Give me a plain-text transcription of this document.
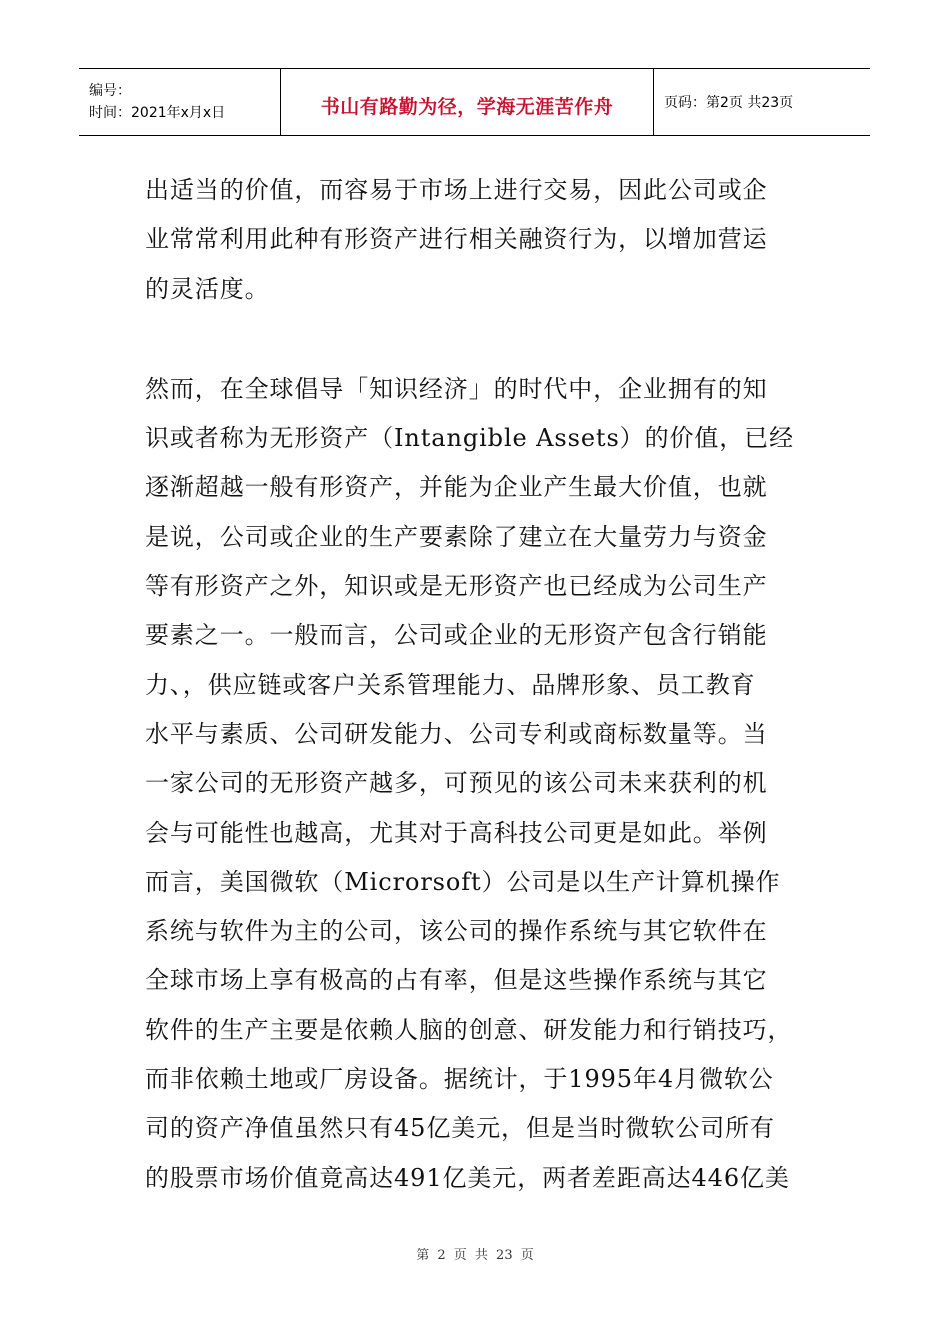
编号：
时间：2021年x月x日	书山有路勤为径，学海无涯苦作舟	页码：第2页 共23页
出适当的价值，而容易于市场上进行交易，因此公司或企
业常常利用此种有形资产进行相关融资行为，以增加营运
的灵活度。
然而，在全球倡导「知识经济」的时代中，企业拥有的知
识或者称为无形资产（Intangible Assets）的价值，已经
逐渐超越一般有形资产，并能为企业产生最大价值，也就
是说，公司或企业的生产要素除了建立在大量劳力与资金
等有形资产之外，知识或是无形资产也已经成为公司生产
要素之一。一般而言，公司或企业的无形资产包含行销能
力、，供应链或客户关系管理能力、品牌形象、员工教育
水平与素质、公司研发能力、公司专利或商标数量等。当
一家公司的无形资产越多，可预见的该公司未来获利的机
会与可能性也越高，尤其对于高科技公司更是如此。举例
而言，美国微软（Microrsoft）公司是以生产计算机操作
系统与软件为主的公司，该公司的操作系统与其它软件在
全球市场上享有极高的占有率，但是这些操作系统与其它
软件的生产主要是依赖人脑的创意、研发能力和行销技巧，
而非依赖土地或厂房设备。据统计，于1995年4月微软公
司的资产净值虽然只有45亿美元，但是当时微软公司所有
的股票市场价值竟高达491亿美元，两者差距高达446亿美
第 2 页 共 23 页
